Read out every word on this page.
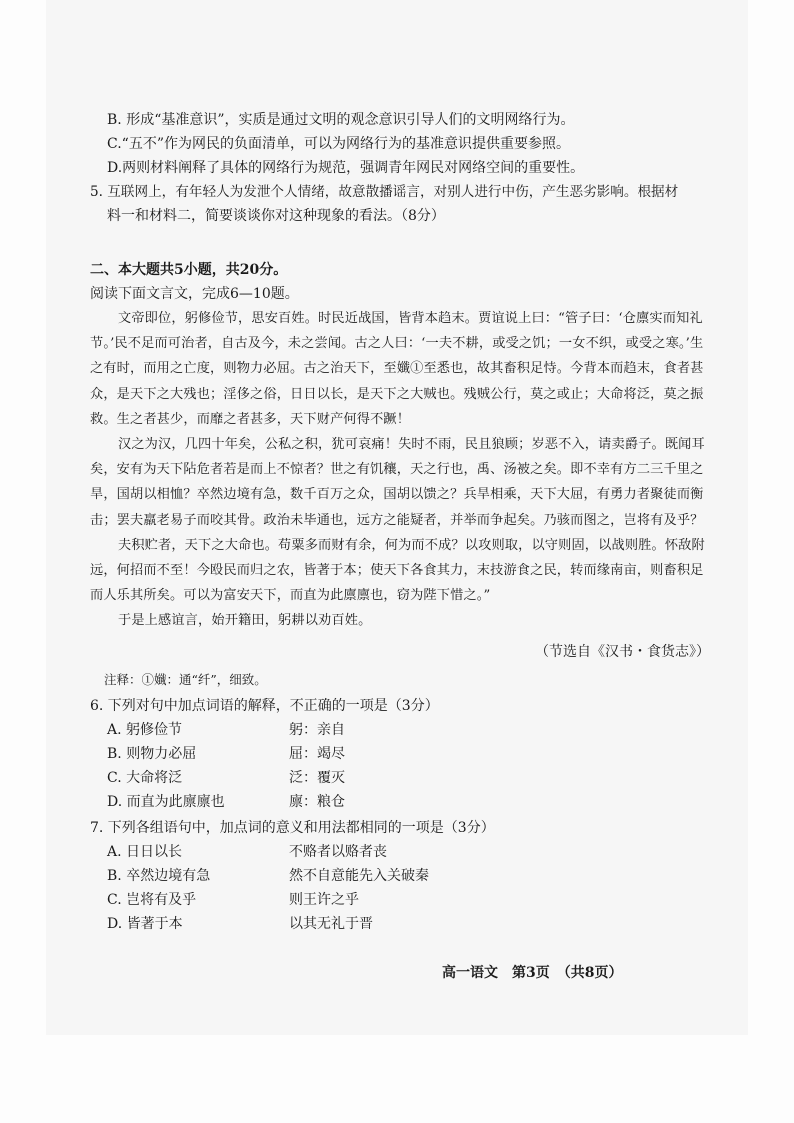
B. 形成“基准意识”，实质是通过文明的观念意识引导人们的文明网络行为。
C.“五不”作为网民的负面清单，可以为网络行为的基准意识提供重要参照。
D.两则材料阐释了具体的网络行为规范，强调青年网民对网络空间的重要性。
5. 互联网上，有年轻人为发泄个人情绪，故意散播谣言，对别人进行中伤，产生恶劣影响。根据材
料一和材料二，简要谈谈你对这种现象的看法。（8分）
二、本大题共5小题，共20分。
阅读下面文言文，完成6—10题。
文帝即位，躬修俭节，思安百姓。时民近战国，皆背本趋末。贾谊说上曰：“管子曰：‘仓廪实而知礼节。’民不足而可治者，自古及今，未之尝闻。古之人曰：‘一夫不耕，或受之饥；一女不织，或受之寒。’生之有时，而用之亡度，则物力必屈。古之治天下，至孅①至悉也，故其畜积足恃。今背本而趋末，食者甚众，是天下之大残也；淫侈之俗，日日以长，是天下之大贼也。残贼公行，莫之或止；大命将泛，莫之振救。生之者甚少，而靡之者甚多，天下财产何得不蹶！
汉之为汉，几四十年矣，公私之积，犹可哀痛！失时不雨，民且狼顾；岁恶不入，请卖爵子。既闻耳矣，安有为天下阽危者若是而上不惊者？世之有饥穰，天之行也，禹、汤被之矣。即不幸有方二三千里之旱，国胡以相恤？卒然边境有急，数千百万之众，国胡以馈之？兵旱相乘，天下大屈，有勇力者聚徒而衡击；罢夫羸老易子而咬其骨。政治未毕通也，远方之能疑者，并举而争起矣。乃骇而图之，岂将有及乎？
夫积贮者，天下之大命也。苟粟多而财有余，何为而不成？以攻则取，以守则固，以战则胜。怀敌附远，何招而不至！今殴民而归之农，皆著于本；使天下各食其力，末技游食之民，转而缘南亩，则畜积足而人乐其所矣。可以为富安天下，而直为此廪廪也，窃为陛下惜之。”
于是上感谊言，始开籍田，躬耕以劝百姓。
（节选自《汉书・食货志》）
注释：①孅：通“纤”，细致。
6. 下列对句中加点词语的解释，不正确的一项是（3分）
A. 躬修俭节	躬：亲自
B. 则物力必屈	屈：竭尽
C. 大命将泛	泛：覆灭
D. 而直为此廪廪也	廪：粮仓
7. 下列各组语句中，加点词的意义和用法都相同的一项是（3分）
A. 日日以长	不赂者以赂者丧
B. 卒然边境有急	然不自意能先入关破秦
C. 岂将有及乎	则王许之乎
D. 皆著于本	以其无礼于晋
高一语文　第3页　（共8页）
